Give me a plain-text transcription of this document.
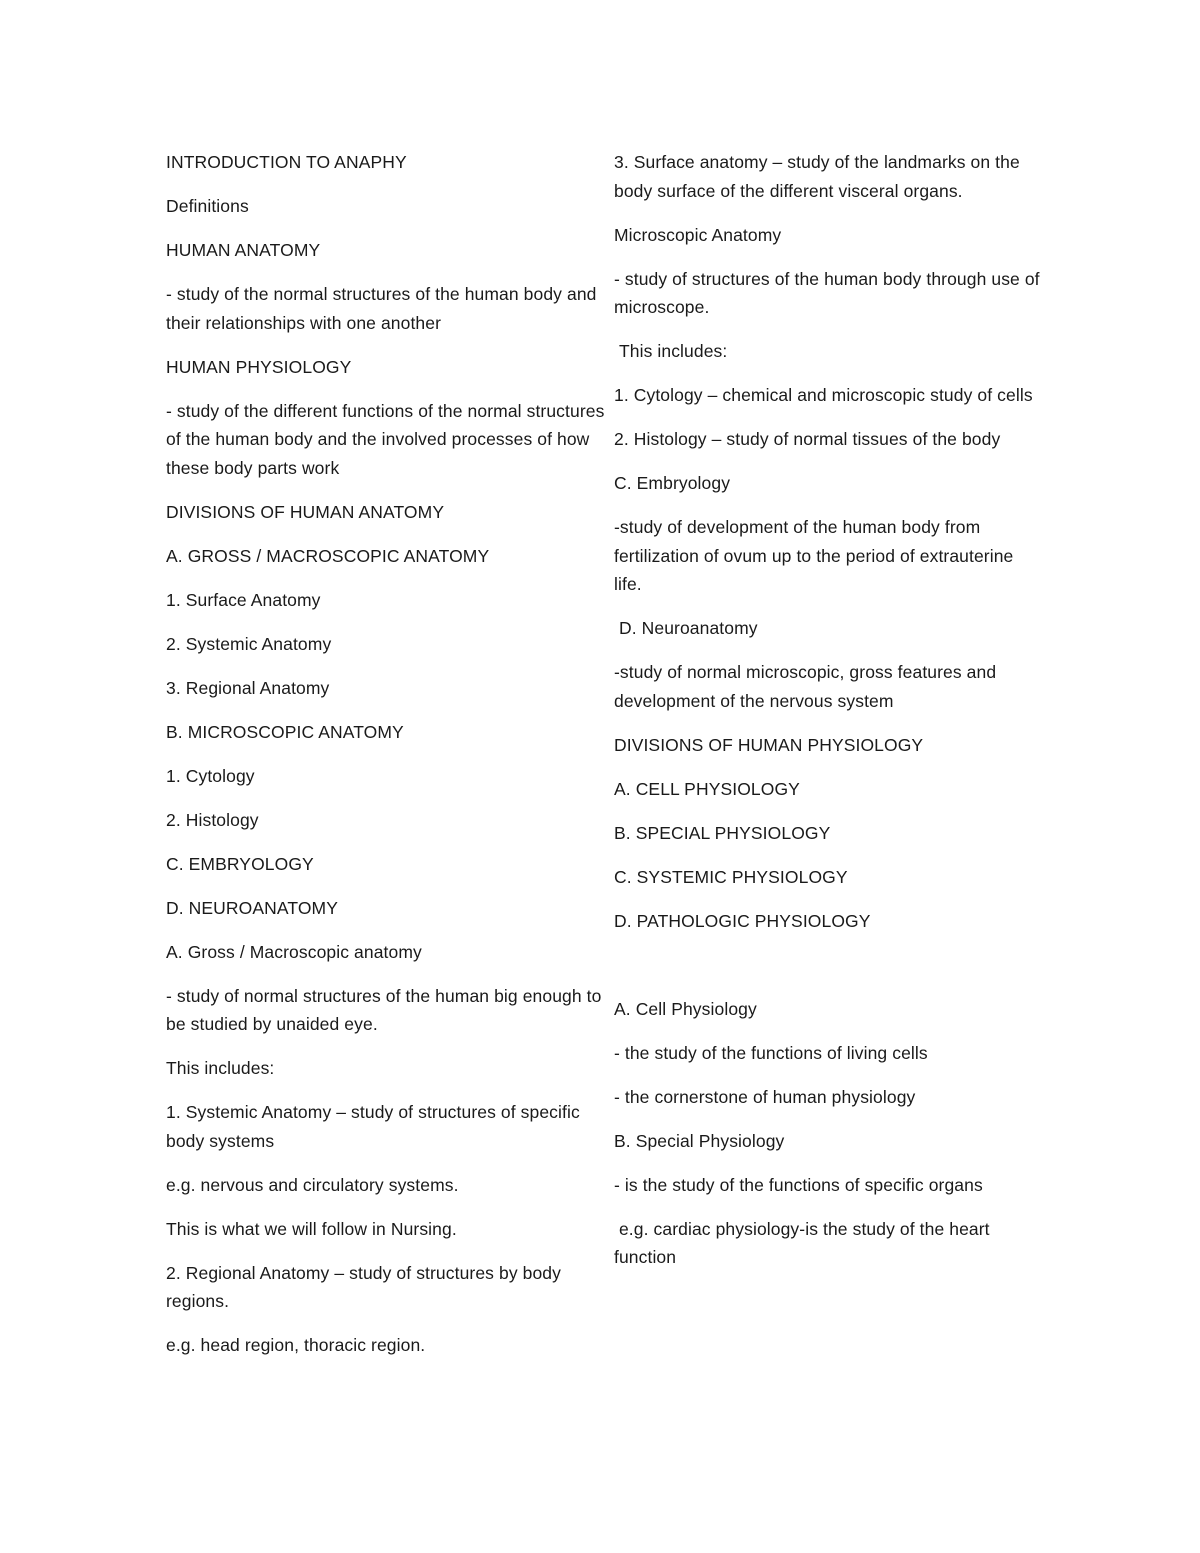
INTRODUCTION TO ANAPHY

Definitions

HUMAN ANATOMY

- study of the normal structures of the human body and their relationships with one another

HUMAN PHYSIOLOGY

- study of the different functions of the normal structures of the human body and the involved processes of how these body parts work

DIVISIONS OF HUMAN ANATOMY

A. GROSS / MACROSCOPIC ANATOMY

1. Surface Anatomy

2. Systemic Anatomy

3. Regional Anatomy

B. MICROSCOPIC ANATOMY

1. Cytology

2. Histology

C. EMBRYOLOGY

D. NEUROANATOMY

A. Gross / Macroscopic anatomy

- study of normal structures of the human big enough to be studied by unaided eye.

This includes:

1. Systemic Anatomy – study of structures of specific body systems

e.g. nervous and circulatory systems.

This is what we will follow in Nursing.

2. Regional Anatomy – study of structures by body regions.

e.g. head region, thoracic region.

3. Surface anatomy – study of the landmarks on the body surface of the different visceral organs.

Microscopic Anatomy

- study of structures of the human body through use of microscope.

This includes:

1. Cytology – chemical and microscopic study of cells

2. Histology – study of normal tissues of the body

C. Embryology

-study of development of the human body from fertilization of ovum up to the period of extrauterine life.

D. Neuroanatomy

-study of normal microscopic, gross features and development of the nervous system

DIVISIONS OF HUMAN PHYSIOLOGY

A. CELL PHYSIOLOGY

B. SPECIAL PHYSIOLOGY

C. SYSTEMIC PHYSIOLOGY

D. PATHOLOGIC PHYSIOLOGY

A. Cell Physiology

- the study of the functions of living cells

- the cornerstone of human physiology

B. Special Physiology

- is the study of the functions of specific organs

e.g. cardiac physiology-is the study of the heart function
